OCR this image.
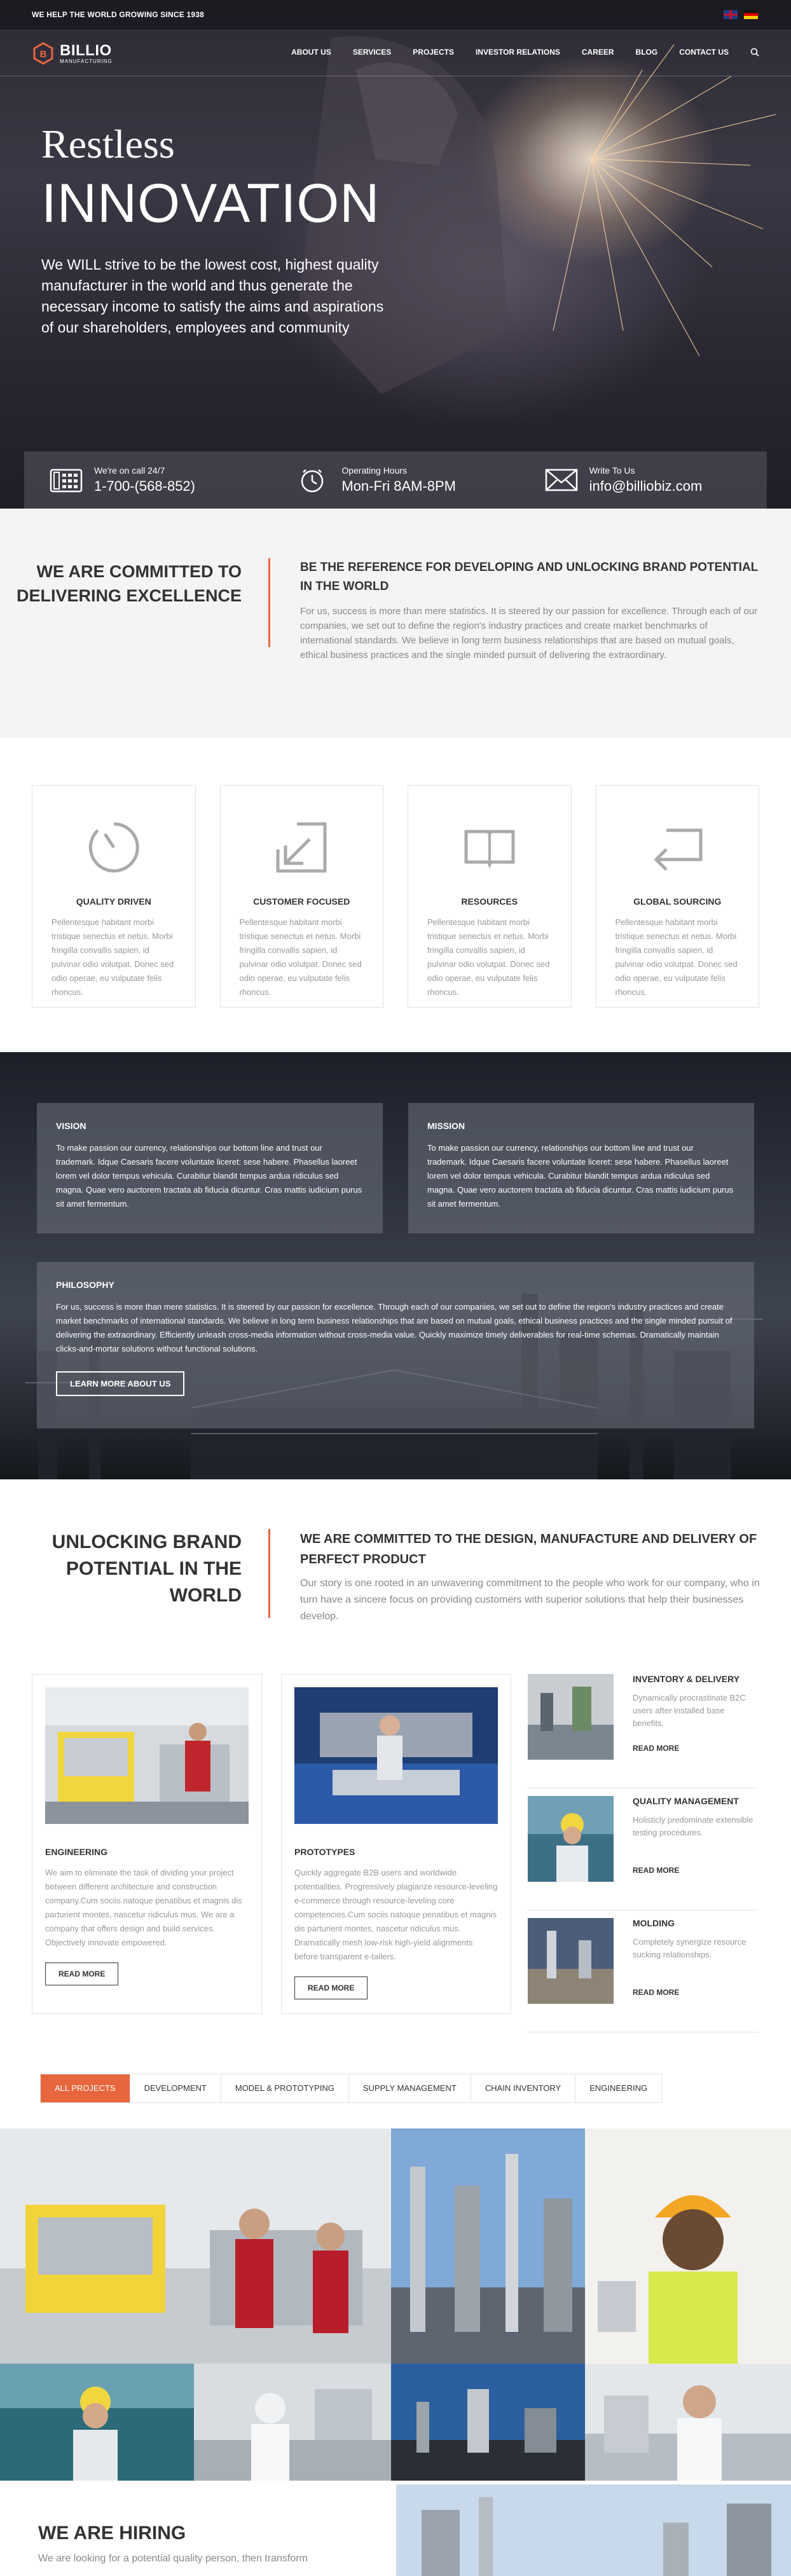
WE HELP THE WORLD GROWING SINCE 1938
B BILLIO
MANUFACTURING
ABOUT US	SERVICES	PROJECTS	INVESTOR RELATIONS	CAREER	BLOG	CONTACT US
Restless
INNOVATION

We WILL strive to be the lowest cost, highest quality manufacturer in the world and thus generate the necessary income to satisfy the aims and aspirations of our shareholders, employees and community

We're on call 24/7
1-700-(568-852)
Operating Hours
Mon-Fri 8AM-8PM
Write To Us
info@billiobiz.com
WE ARE COMMITTED TO DELIVERING EXCELLENCE
BE THE REFERENCE FOR DEVELOPING AND UNLOCKING BRAND POTENTIAL IN THE WORLD
For us, success is more than mere statistics. It is steered by our passion for excellence. Through each of our companies, we set out to define the region's industry practices and create market benchmarks of international standards. We believe in long term business relationships that are based on mutual goals, ethical business practices and the single minded pursuit of delivering the extraordinary.
QUALITY DRIVEN
Pellentesque habitant morbi tristique senectus et netus. Morbi fringilla convallis sapien, id pulvinar odio volutpat. Donec sed odio operae, eu vulputate felis rhoncus.
CUSTOMER FOCUSED
Pellentesque habitant morbi tristique senectus et netus. Morbi fringilla convallis sapien, id pulvinar odio volutpat. Donec sed odio operae, eu vulputate felis rhoncus.
RESOURCES
Pellentesque habitant morbi tristique senectus et netus. Morbi fringilla convallis sapien, id pulvinar odio volutpat. Donec sed odio operae, eu vulputate felis rhoncus.
GLOBAL SOURCING
Pellentesque habitant morbi tristique senectus et netus. Morbi fringilla convallis sapien, id pulvinar odio volutpat. Donec sed odio operae, eu vulputate felis rhoncus.
VISION
To make passion our currency, relationships our bottom line and trust our trademark. Idque Caesaris facere voluntate liceret: sese habere. Phasellus laoreet lorem vel dolor tempus vehicula. Curabitur blandit tempus ardua ridiculus sed magna. Quae vero auctorem tractata ab fiducia dicuntur. Cras mattis iudicium purus sit amet fermentum.
MISSION
To make passion our currency, relationships our bottom line and trust our trademark. Idque Caesaris facere voluntate liceret: sese habere. Phasellus laoreet lorem vel dolor tempus vehicula. Curabitur blandit tempus ardua ridiculus sed magna. Quae vero auctorem tractata ab fiducia dicuntur. Cras mattis iudicium purus sit amet fermentum.
PHILOSOPHY
For us, success is more than mere statistics. It is steered by our passion for excellence. Through each of our companies, we set out to define the region's industry practices and create market benchmarks of international standards. We believe in long term business relationships that are based on mutual goals, ethical business practices and the single minded pursuit of delivering the extraordinary. Efficiently unleash cross-media information without cross-media value. Quickly maximize timely deliverables for real-time schemas. Dramatically maintain clicks-and-mortar solutions without functional solutions.
LEARN MORE ABOUT US
UNLOCKING BRAND POTENTIAL IN THE WORLD
WE ARE COMMITTED TO THE DESIGN, MANUFACTURE AND DELIVERY OF PERFECT PRODUCT
Our story is one rooted in an unwavering commitment to the people who work for our company, who in turn have a sincere focus on providing customers with superior solutions that help their businesses develop.
ENGINEERING
We aim to eliminate the task of dividing your project between different architecture and construction company.Cum sociis natoque penatibus et magnis dis parturient montes, nascetur ridiculus mus. We are a company that offers design and build services. Objectively innovate empowered.
READ MORE
PROTOTYPES
Quickly aggregate B2B users and worldwide potentialities. Progressively plagiarize resource-leveling e-commerce through resource-leveling core competencies.Cum sociis natoque penatibus et magnis dis parturient montes, nascetur ridiculus mus. Dramatically mesh low-risk high-yield alignments before transparent e-tailers.
READ MORE
INVENTORY & DELIVERY
Dynamically procrastinate B2C users after installed base benefits.
READ MORE
QUALITY MANAGEMENT
Holisticly predominate extensible testing procedures.
READ MORE
MOLDING
Completely synergize resource sucking relationships.
READ MORE
ALL PROJECTS	DEVELOPMENT	MODEL & PROTOTYPING	SUPPLY MANAGEMENT	CHAIN INVENTORY	ENGINEERING
WE ARE HIRING
We are looking for a potential quality person, then transform
